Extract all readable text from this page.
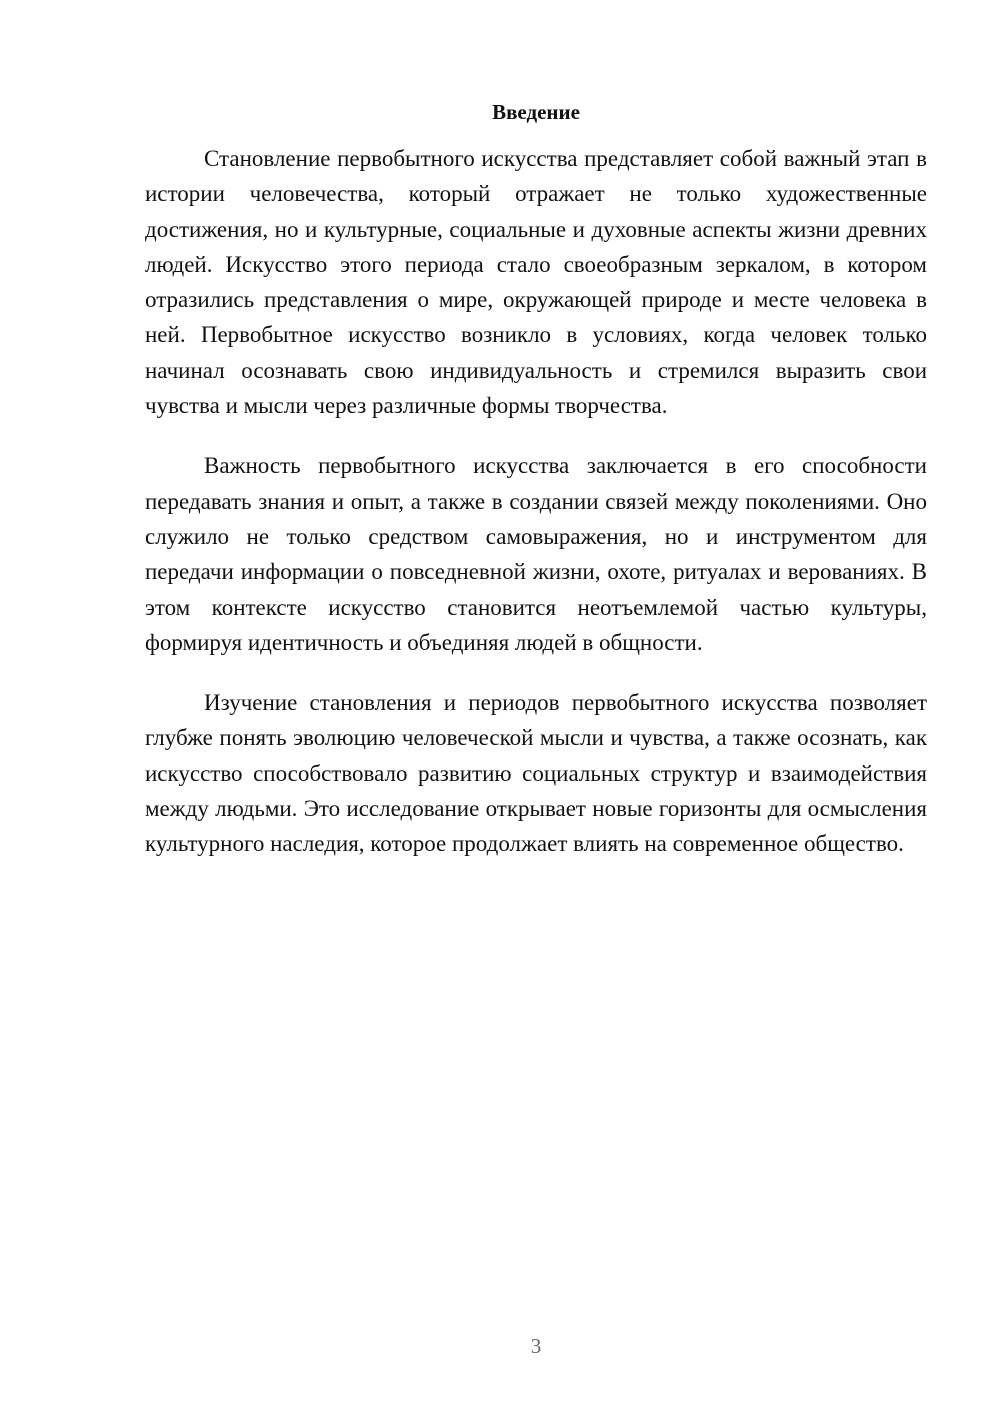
Введение

Становление первобытного искусства представляет собой важный этап в истории человечества, который отражает не только художественные достижения, но и культурные, социальные и духовные аспекты жизни древних людей. Искусство этого периода стало своеобразным зеркалом, в котором отразились представления о мире, окружающей природе и месте человека в ней. Первобытное искусство возникло в условиях, когда человек только начинал осознавать свою индивидуальность и стремился выразить свои чувства и мысли через различные формы творчества.

Важность первобытного искусства заключается в его способности передавать знания и опыт, а также в создании связей между поколениями. Оно служило не только средством самовыражения, но и инструментом для передачи информации о повседневной жизни, охоте, ритуалах и верованиях. В этом контексте искусство становится неотъемлемой частью культуры, формируя идентичность и объединяя людей в общности.

Изучение становления и периодов первобытного искусства позволяет глубже понять эволюцию человеческой мысли и чувства, а также осознать, как искусство способствовало развитию социальных структур и взаимодействия между людьми. Это исследование открывает новые горизонты для осмысления культурного наследия, которое продолжает влиять на современное общество.

3
